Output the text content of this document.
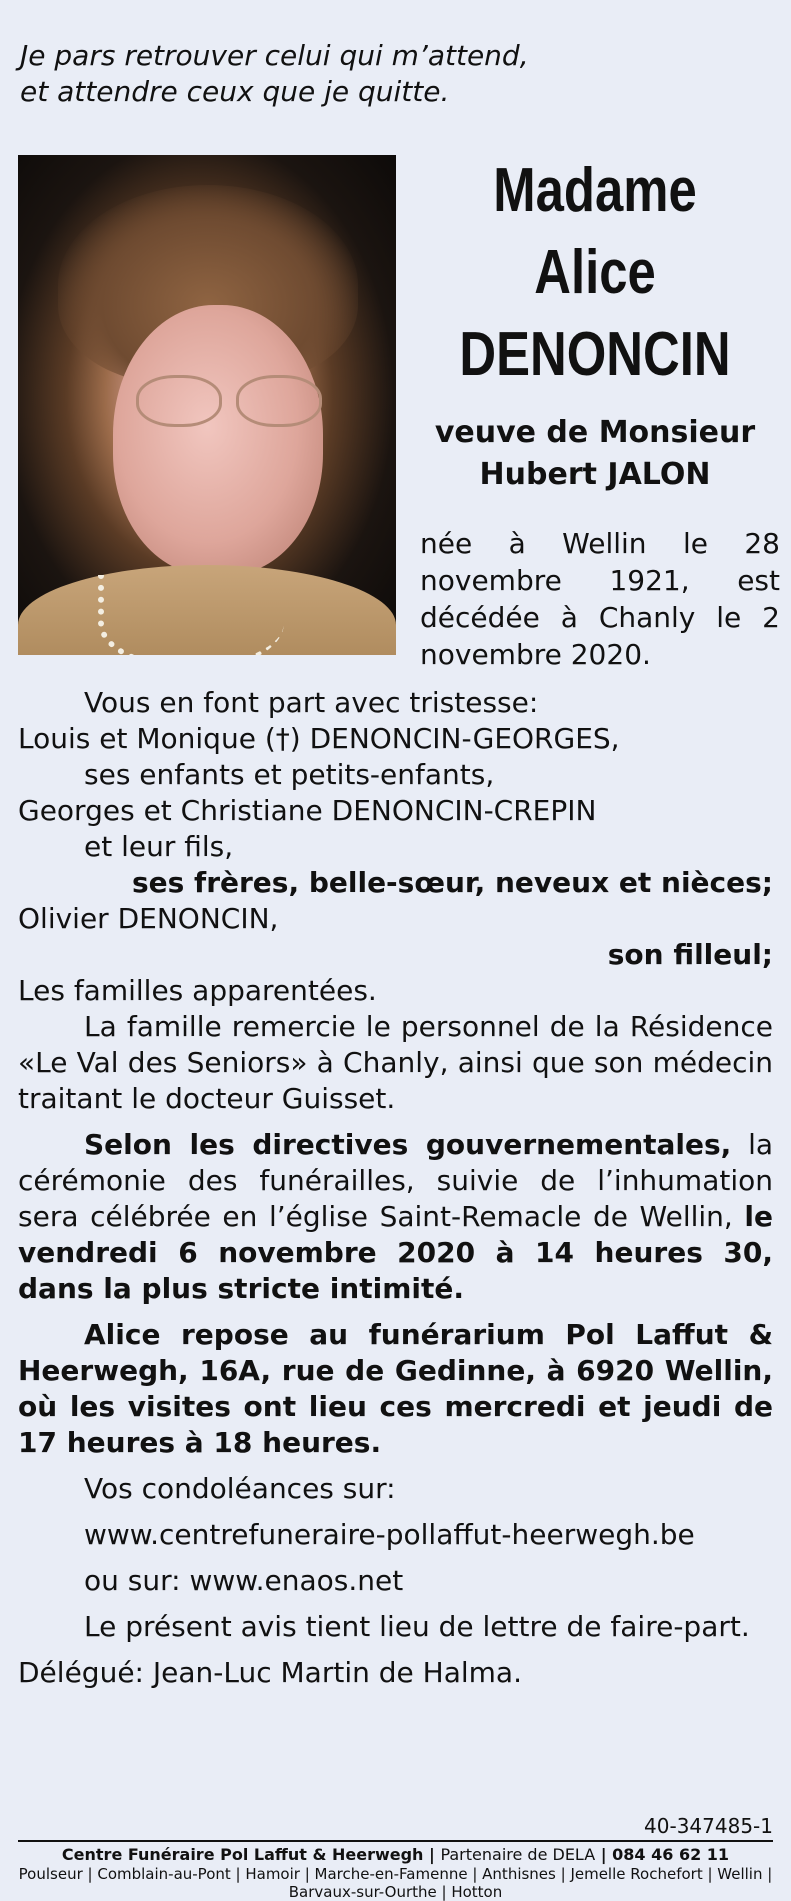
Je pars retrouver celui qui m’attend,
et attendre ceux que je quitte.
Madame
Alice
DENONCIN
veuve de Monsieur
Hubert JALON
née à Wellin le 28 novembre 1921, est décédée à Chanly le 2 novembre 2020.

Vous en font part avec tristesse:

Louis et Monique (†) DENONCIN-GEORGES,

ses enfants et petits-enfants,

Georges et Christiane DENONCIN-CREPIN

et leur fils,

ses frères, belle-sœur, neveux et nièces;

Olivier DENONCIN,

son filleul;

Les familles apparentées.

La famille remercie le personnel de la Résidence «Le Val des Seniors» à Chanly, ainsi que son médecin traitant le docteur Guisset.

Selon les directives gouvernementales, la cérémonie des funérailles, suivie de l’inhumation sera célébrée en l’église Saint-Remacle de Wellin, le vendredi 6 novembre 2020 à 14 heures 30, dans la plus stricte intimité.

Alice repose au funérarium Pol Laffut & Heerwegh, 16A, rue de Gedinne, à 6920 Wellin, où les visites ont lieu ces mercredi et jeudi de 17 heures à 18 heures.

Vos condoléances sur:

www.centrefuneraire-pollaffut-heerwegh.be

ou sur: www.enaos.net

Le présent avis tient lieu de lettre de faire-part.

Délégué: Jean-Luc Martin de Halma.

40-347485-1
Centre Funéraire Pol Laffut & Heerwegh | Partenaire de DELA | 084 46 62 11
Poulseur | Comblain-au-Pont | Hamoir | Marche-en-Famenne | Anthisnes | Jemelle Rochefort | Wellin | Barvaux-sur-Ourthe | Hotton
